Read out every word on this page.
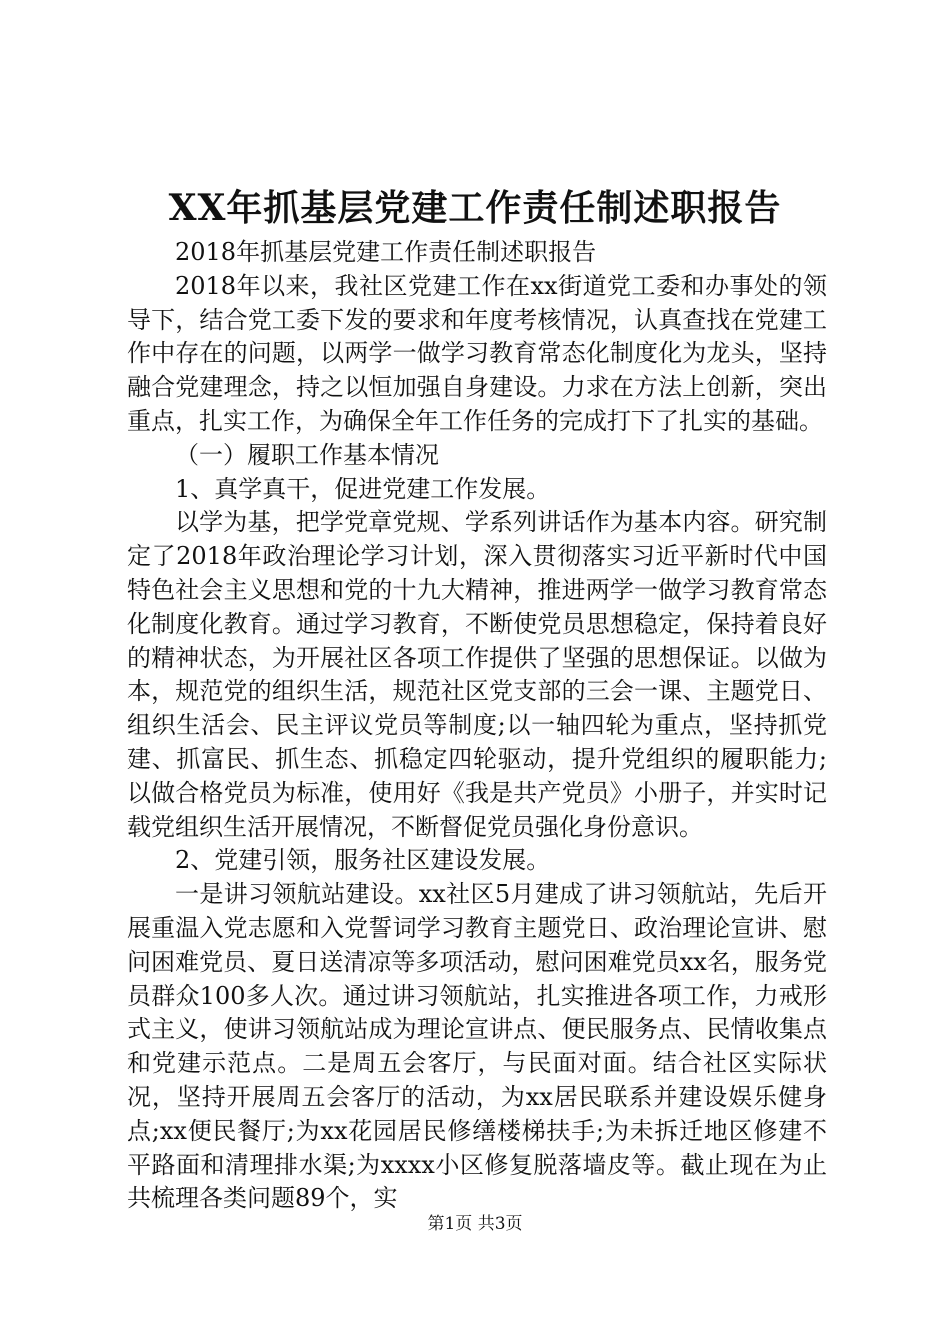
XX年抓基层党建工作责任制述职报告

2018年抓基层党建工作责任制述职报告

2018年以来，我社区党建工作在xx街道党工委和办事处的领导下，结合党工委下发的要求和年度考核情况，认真查找在党建工作中存在的问题，以两学一做学习教育常态化制度化为龙头，坚持融合党建理念，持之以恒加强自身建设。力求在方法上创新，突出重点，扎实工作，为确保全年工作任务的完成打下了扎实的基础。

（一）履职工作基本情况

1、真学真干，促进党建工作发展。

以学为基，把学党章党规、学系列讲话作为基本内容。研究制定了2018年政治理论学习计划，深入贯彻落实习近平新时代中国特色社会主义思想和党的十九大精神，推进两学一做学习教育常态化制度化教育。通过学习教育，不断使党员思想稳定，保持着良好的精神状态，为开展社区各项工作提供了坚强的思想保证。以做为本，规范党的组织生活，规范社区党支部的三会一课、主题党日、组织生活会、民主评议党员等制度;以一轴四轮为重点，坚持抓党建、抓富民、抓生态、抓稳定四轮驱动，提升党组织的履职能力;以做合格党员为标准，使用好《我是共产党员》小册子，并实时记载党组织生活开展情况，不断督促党员强化身份意识。

2、党建引领，服务社区建设发展。

一是讲习领航站建设。xx社区5月建成了讲习领航站，先后开展重温入党志愿和入党誓词学习教育主题党日、政治理论宣讲、慰问困难党员、夏日送清凉等多项活动，慰问困难党员xx名，服务党员群众100多人次。通过讲习领航站，扎实推进各项工作，力戒形式主义，使讲习领航站成为理论宣讲点、便民服务点、民情收集点和党建示范点。二是周五会客厅，与民面对面。结合社区实际状况，坚持开展周五会客厅的活动，为xx居民联系并建设娱乐健身点;xx便民餐厅;为xx花园居民修缮楼梯扶手;为未拆迁地区修建不平路面和清理排水渠;为xxxx小区修复脱落墙皮等。截止现在为止共梳理各类问题89个，实

第1页 共3页
